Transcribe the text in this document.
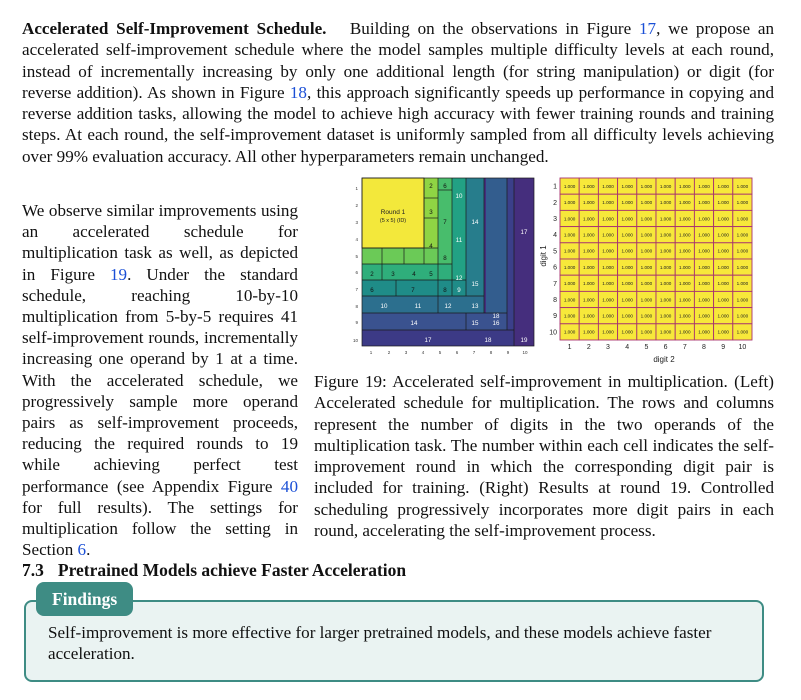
Accelerated Self-Improvement Schedule. Building on the observations in Figure 17, we propose an accelerated self-improvement schedule where the model samples multiple difficulty levels at each round, instead of incrementally increasing by only one additional length (for string manipulation) or digit (for reverse addition). As shown in Figure 18, this approach significantly speeds up performance in copying and reverse addition tasks, allowing the model to achieve high accuracy with fewer training rounds and training steps. At each round, the self-improvement dataset is uniformly sampled from all difficulty levels achieving over 99% evaluation accuracy. All other hyperparameters remain unchanged.

We observe similar improvements using an accelerated schedule for multiplication task as well, as depicted in Figure 19. Under the standard schedule, reaching 10-by-10 multiplication from 5-by-5 requires 41 self-improvement rounds, incrementally increasing one operand by 1 at a time. With the accelerated schedule, we progressively sample more operand pairs as self-improvement proceeds, reducing the required rounds to 19 while achieving perfect test performance (see Appendix Figure 40 for full results). The settings for multiplication follow the setting in Section 6.

Round 1
(5 x 5) (ID)
2 6
10
3
7	14
17
4
11
8
2	3	4 5
12
15
6	7	8 9
10	11	12	13
18
14	15 16
17	18	19
1
2
3
4
5
6
7
8
9
10
1	2	3	4	5	6	7	8	9	10
1.000 1.000 1.000 1.000 1.000 1.000 1.000 1.000 1.000 1.000
1.000 1.000 1.000 1.000 1.000 1.000 1.000 1.000 1.000 1.000
1.000 1.000 1.000 1.000 1.000 1.000 1.000 1.000 1.000 1.000
1.000 1.000 1.000 1.000 1.000 1.000 1.000 1.000 1.000 1.000
1.000 1.000 1.000 1.000 1.000 1.000 1.000 1.000 1.000 1.000
1.000 1.000 1.000 1.000 1.000 1.000 1.000 1.000 1.000 1.000
1.000 1.000 1.000 1.000 1.000 1.000 1.000 1.000 1.000 1.000
1.000 1.000 1.000 1.000 1.000 1.000 1.000 1.000 1.000 1.000
1.000 1.000 1.000 1.000 1.000 1.000 1.000 1.000 1.000 1.000
1.000 1.000 1.000 1.000 1.000 1.000 1.000 1.000 1.000 1.000
1
2
3
4
5
6
7
8
9
10
1 2 3 4 5 6 7 8 9 10
digit 1
digit 2

Figure 19: Accelerated self-improvement in multiplication. (Left) Accelerated schedule for multiplication. The rows and columns represent the number of digits in the two operands of the multiplication task. The number within each cell indicates the self-improvement round in which the corresponding digit pair is included for training. (Right) Results at round 19. Controlled scheduling progressively incorporates more digit pairs in each round, accelerating the self-improvement process.

7.3 Pretrained Models achieve Faster Acceleration
Findings

Self-improvement is more effective for larger pretrained models, and these models achieve faster acceleration.
